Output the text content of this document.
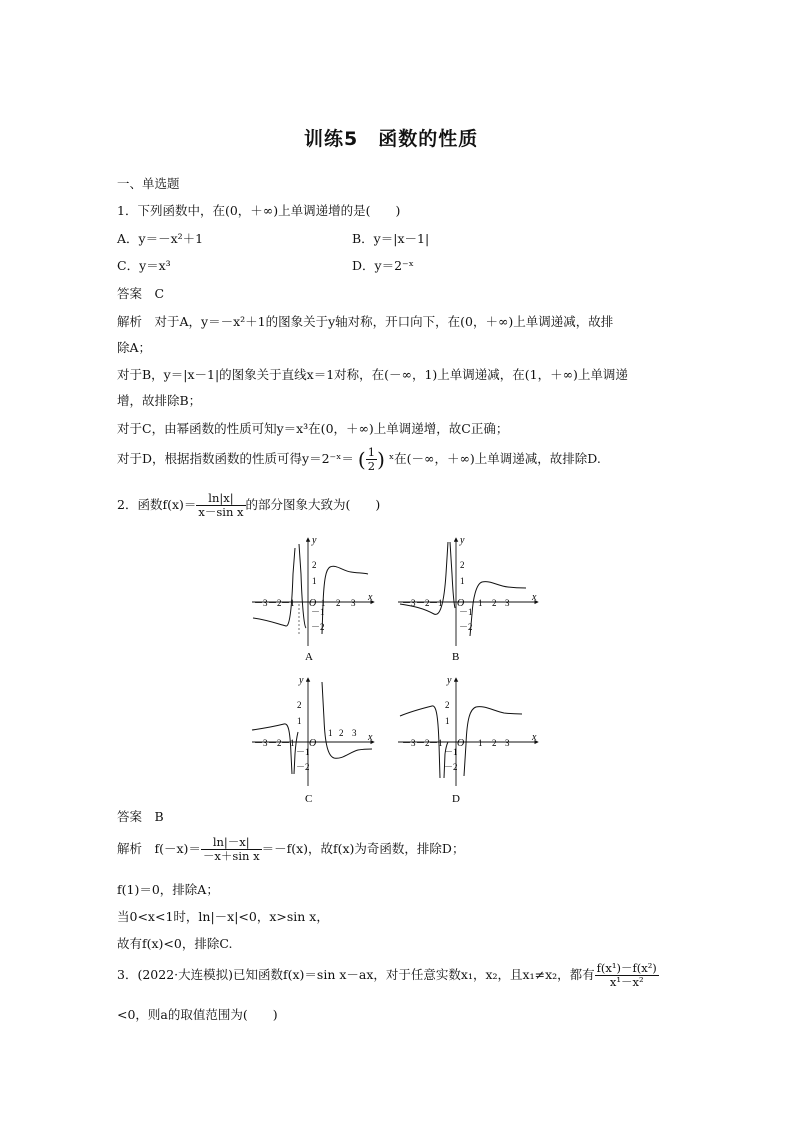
训练5　函数的性质
一、单选题
1．下列函数中，在(0，＋∞)上单调递增的是(　　)
A．y＝－x²＋1	B．y＝|x－1|
C．y＝x³	D．y＝2⁻ˣ
答案　C
解析　对于A，y＝－x²＋1的图象关于y轴对称，开口向下，在(0，＋∞)上单调递减，故排
除A；
对于B，y＝|x－1|的图象关于直线x＝1对称，在(－∞，1)上单调递减，在(1，＋∞)上单调递
增，故排除B；
对于C，由幂函数的性质可知y＝x³在(0，＋∞)上单调递增，故C正确；
对于D，根据指数函数的性质可得y＝2⁻ˣ＝ ( $\frac{1}{2}$ ) ˣ在(－∞，＋∞)上单调递减，故排除D.
2．函数$f(x)= \frac{\ln|x|}{\text{x－sin x}}$ 的部分图象大致为(　　)
x
y
O
－3 －2 －1	1 2 3
2
1
－1
－2
A
x
y
O
－3 －2 －1	1 2 3
2
1
－1
－2
B
x
y
O
－3 －2 －1
1 2 3
2
1
－1
－2
C
x
y
O
－3 －2 －1	1 2 3
2
1
－1
－2
D
答案　B
解析　$f(-x)= \frac{\ln|-x|}{\text{－x＋sin x}} =-f(x)$，故f(x)为奇函数，排除D；
f(1)＝0，排除A；
当0<x<1时，ln|－x|<0，x>sin x，
故有f(x)<0，排除C.
3．(2022·大连模拟)已知函数f(x)＝sin x－ax，对于任意实数x₁，x₂，且x₁≠x₂，都有 $\frac{\text{f(x¹)－f(x²)}}{\text{x¹－x²}}$
<0，则a的取值范围为(　　)
